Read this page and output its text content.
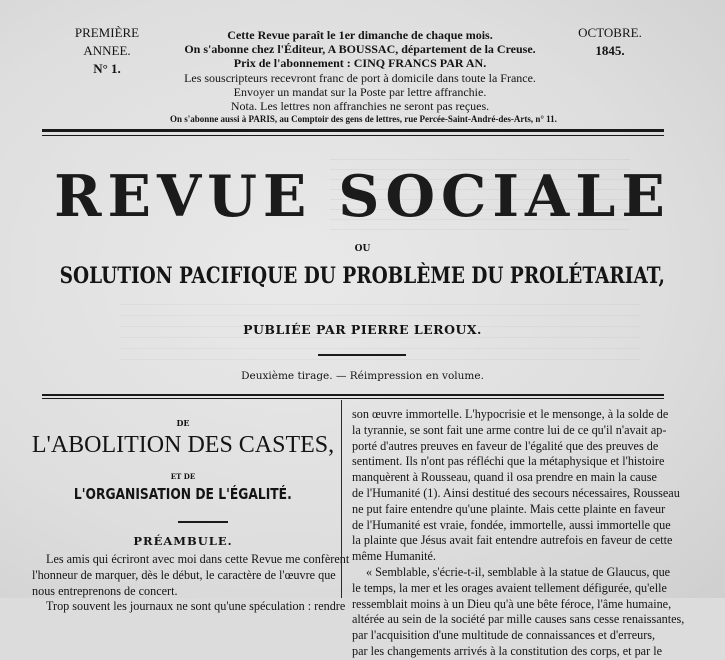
PREMIÈRE ANNEE.
N° 1.
OCTOBRE.
1845.
Cette Revue paraît le 1er dimanche de chaque mois.
On s'abonne chez l'Éditeur, A BOUSSAC, département de la Creuse.
Prix de l'abonnement : CINQ FRANCS PAR AN.
Les souscripteurs recevront franc de port à domicile dans toute la France.
Envoyer un mandat sur la Poste par lettre affranchie.
Nota. Les lettres non affranchies ne seront pas reçues.
On s'abonne aussi à PARIS, au Comptoir des gens de lettres, rue Percée-Saint-André-des-Arts, n° 11.
REVUE SOCIALE
OU
SOLUTION PACIFIQUE DU PROBLÈME DU PROLÉTARIAT,
PUBLIÉE PAR PIERRE LEROUX.
Deuxième tirage. — Réimpression en volume.
DE
L'ABOLITION DES CASTES,
ET DE
L'ORGANISATION DE L'ÉGALITÉ.
PRÉAMBULE.
Les amis qui écriront avec moi dans cette Revue me confèrent
l'honneur de marquer, dès le début, le caractère de l'œuvre que
nous entreprenons de concert.
Trop souvent les journaux ne sont qu'une spéculation : rendre
son œuvre immortelle. L'hypocrisie et le mensonge, à la solde de
la tyrannie, se sont fait une arme contre lui de ce qu'il n'avait ap-
porté d'autres preuves en faveur de l'égalité que des preuves de
sentiment. Ils n'ont pas réfléchi que la métaphysique et l'histoire
manquèrent à Rousseau, quand il osa prendre en main la cause
de l'Humanité (1). Ainsi destitué des secours nécessaires, Rousseau
ne put faire entendre qu'une plainte. Mais cette plainte en faveur
de l'Humanité est vraie, fondée, immortelle, aussi immortelle que
la plainte que Jésus avait fait entendre autrefois en faveur de cette
même Humanité.
« Semblable, s'écrie-t-il, semblable à la statue de Glaucus, que
le temps, la mer et les orages avaient tellement défigurée, qu'elle
ressemblait moins à un Dieu qu'à une bête féroce, l'âme humaine,
altérée au sein de la société par mille causes sans cesse renaissantes,
par l'acquisition d'une multitude de connaissances et d'erreurs,
par les changements arrivés à la constitution des corps, et par le
